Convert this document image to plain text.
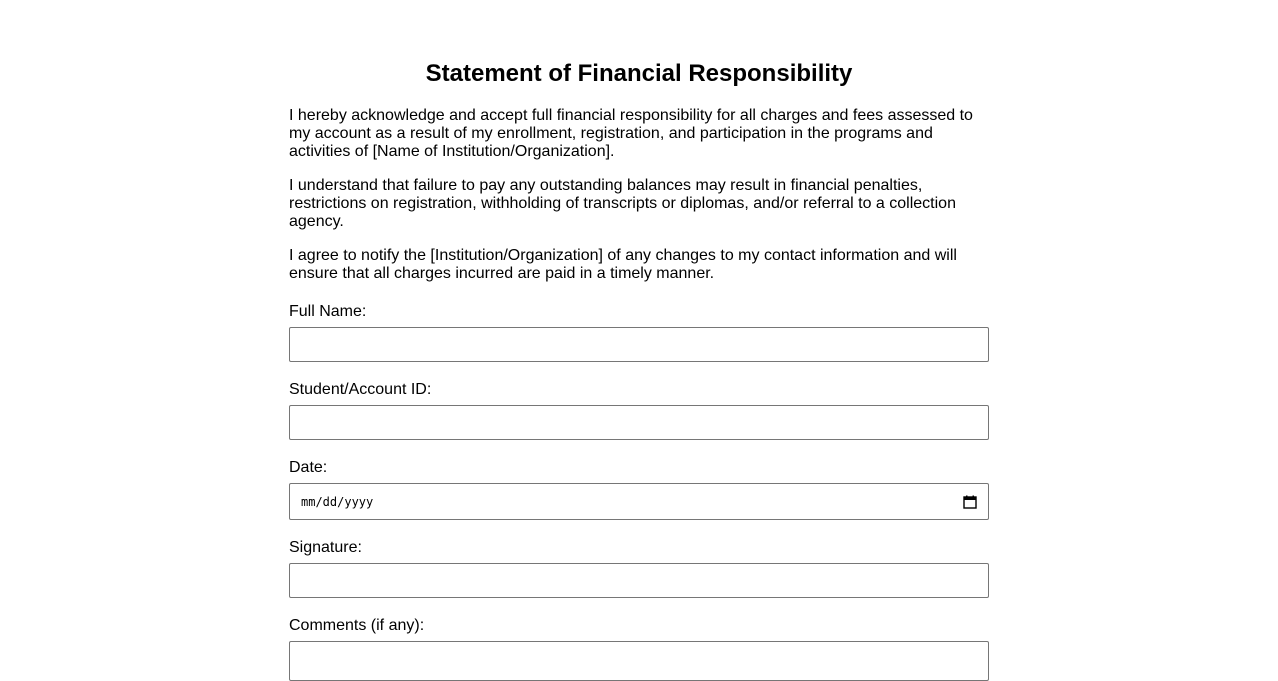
Statement of Financial Responsibility

I hereby acknowledge and accept full financial responsibility for all charges and fees assessed to my account as a result of my enrollment, registration, and participation in the programs and activities of [Name of Institution/Organization].

I understand that failure to pay any outstanding balances may result in financial penalties, restrictions on registration, withholding of transcripts or diplomas, and/or referral to a collection agency.

I agree to notify the [Institution/Organization] of any changes to my contact information and will ensure that all charges incurred are paid in a timely manner.

Full Name:
Student/Account ID:
Date:
mm/dd/yyyy
Signature:
Comments (if any):
